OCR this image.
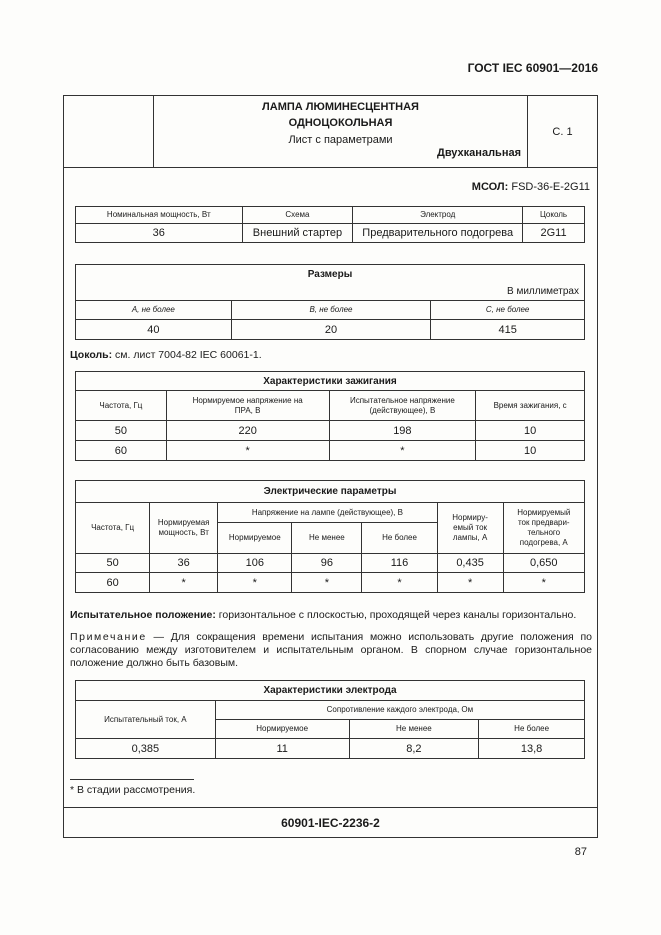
ГОСТ IEC 60901—2016
ЛАМПА ЛЮМИНЕСЦЕНТНАЯ
ОДНОЦОКОЛЬНАЯ
Лист с параметрами
Двухканальная
С. 1
60901-IEC-2236-2
МСОЛ: FSD-36-E-2G11
Номинальная мощность, Вт	Схема	Электрод	Цоколь
36	Внешний стартер	Предварительного подогрева	2G11
Размеры
В миллиметрах		

A, не более	B, не более	C, не более
40	20	415
Цоколь: см. лист 7004-82 IEC 60061-1.
Характеристики зажигания			
Частота, Гц	Нормируемое напряжение на ПРА, В	Испытательное напряжение (действующее), В	Время зажигания, с
50	220	198	10
60	*	*	10
Электрические параметры						
Частота, Гц	Нормируемая мощность, Вт	Напряжение на лампе (действующее), В			Нормиру-емый ток лампы, А	Нормируемый ток предвари-тельного подогрева, А
		Нормируемое	Не менее	Не более		
50	36	106	96	116	0,435	0,650
60	*	*	*	*	*	*
Испытательное положение: горизонтальное с плоскостью, проходящей через каналы горизонтально.
Примечание — Для сокращения времени испытания можно использовать другие положения по согласованию между изготовителем и испытательным органом. В спорном случае горизонтальное положение должно быть базовым.
Характеристики электрода			
Испытательный ток, А	Сопротивление каждого электрода, Ом		
	Нормируемое	Не менее	Не более
0,385	11	8,2	13,8
* В стадии рассмотрения.
87
